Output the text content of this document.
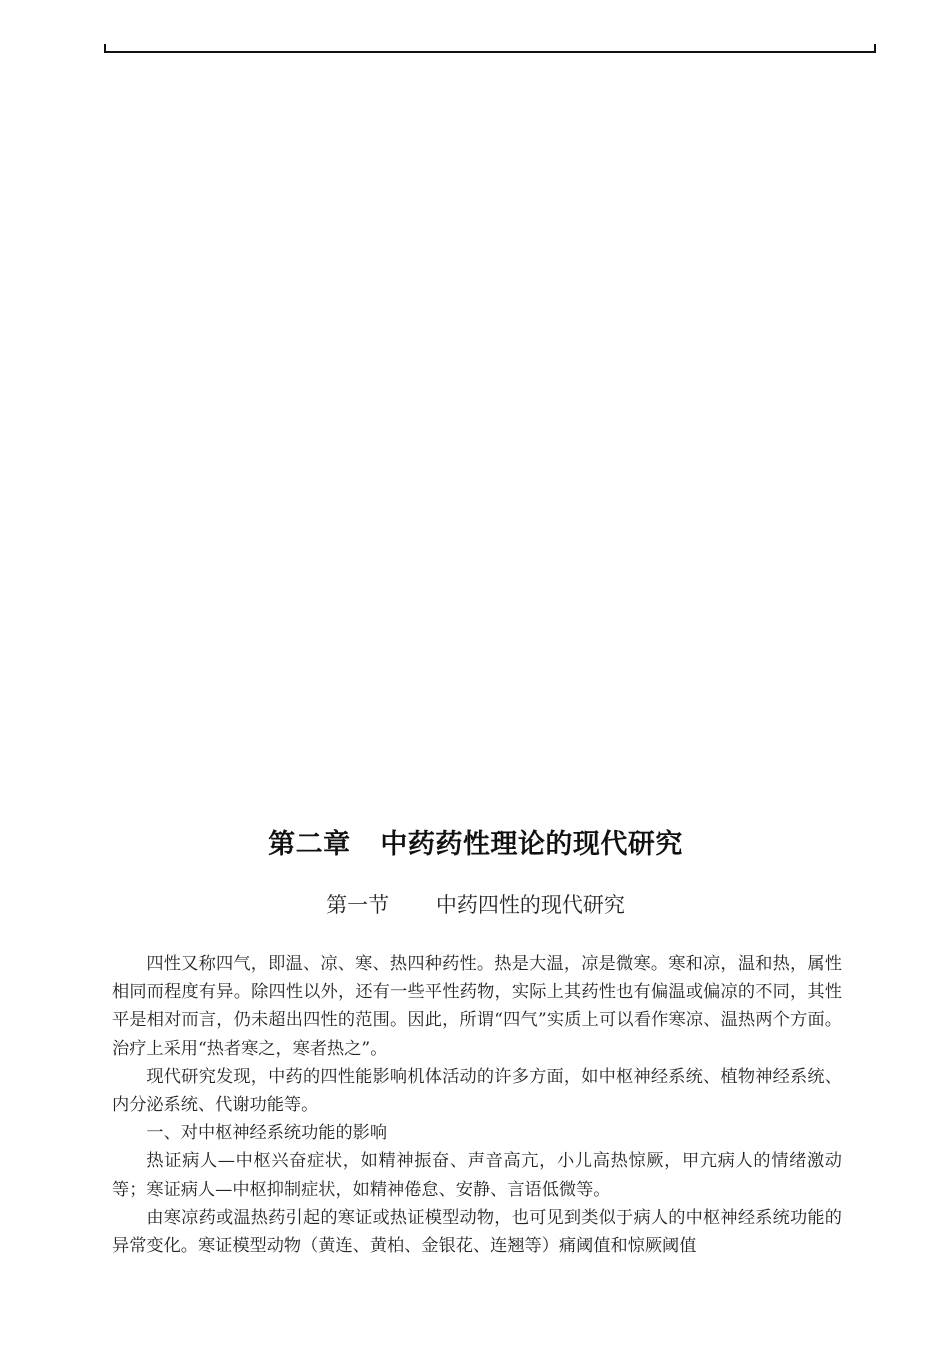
第二章   中药药性理论的现代研究
第一节       中药四性的现代研究

四性又称四气，即温、凉、寒、热四种药性。热是大温，凉是微寒。寒和凉，温和热，属性相同而程度有异。除四性以外，还有一些平性药物，实际上其药性也有偏温或偏凉的不同，其性平是相对而言，仍未超出四性的范围。因此，所谓“四气”实质上可以看作寒凉、温热两个方面。治疗上采用“热者寒之，寒者热之”。

现代研究发现，中药的四性能影响机体活动的许多方面，如中枢神经系统、植物神经系统、内分泌系统、代谢功能等。

一、对中枢神经系统功能的影响

热证病人—中枢兴奋症状，如精神振奋、声音高亢，小儿高热惊厥，甲亢病人的情绪激动等；寒证病人—中枢抑制症状，如精神倦怠、安静、言语低微等。

由寒凉药或温热药引起的寒证或热证模型动物，也可见到类似于病人的中枢神经系统功能的异常变化。寒证模型动物（黄连、黄柏、金银花、连翘等）痛阈值和惊厥阈值
